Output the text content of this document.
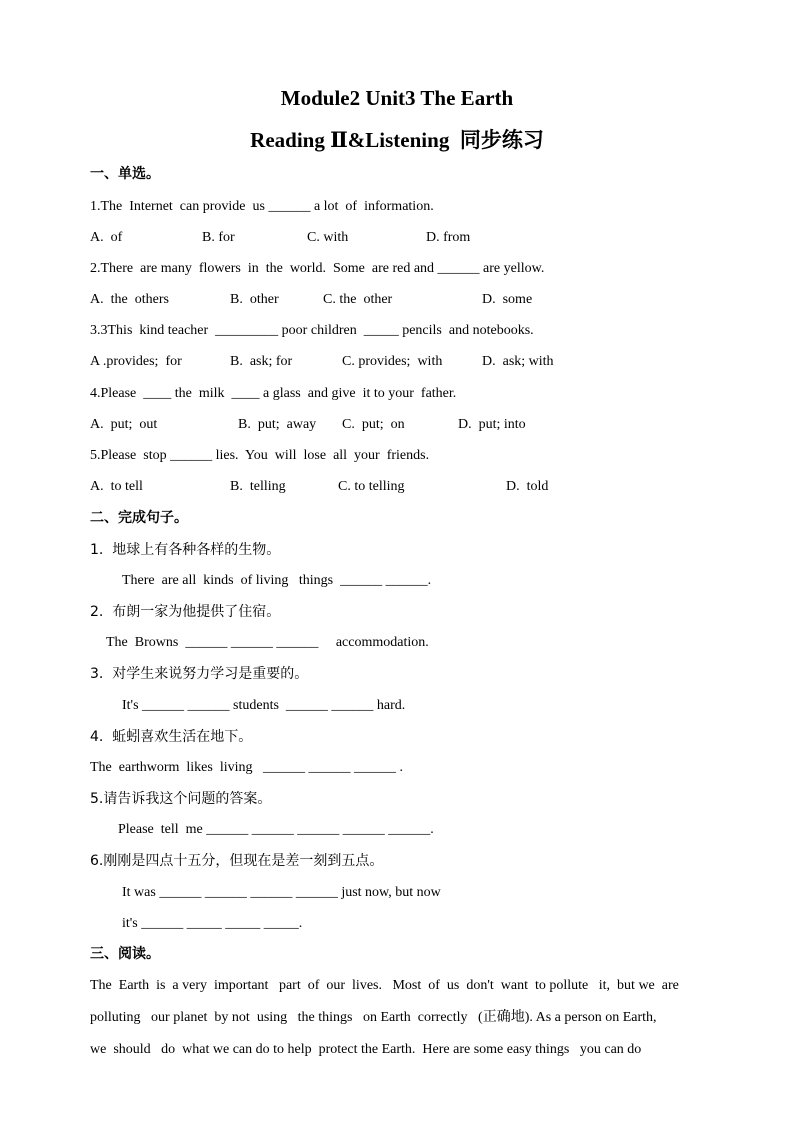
Module2 Unit3 The Earth
Reading Ⅱ&Listening  同步练习
一、单选。
1.The  Internet  can provide  us ______ a lot  of  information.
A.  of	B. for	C. with	D. from
2.There  are many  flowers  in  the  world.  Some  are red and ______ are yellow.
A.  the  others	B.  other	C. the  other	D.  some
3.3This  kind teacher  _________ poor children  _____ pencils  and notebooks.
A .provides;  for	B.  ask; for	C. provides;  with	D.  ask; with
4.Please  ____ the  milk  ____ a glass  and give  it to your  father.
A.  put;  out	B.  put;  away C.  put;  on	D.  put; into
5.Please  stop ______ lies.  You  will  lose  all  your  friends.
A.  to tell	B.  telling	C. to telling	D.  told
二、完成句子。
1.  地球上有各种各样的生物。
There  are all  kinds  of living   things  ______ ______.
2.  布朗一家为他提供了住宿。
The  Browns  ______ ______ ______     accommodation.
3.  对学生来说努力学习是重要的。
It's ______ ______ students  ______ ______ hard.
4.  蚯蚓喜欢生活在地下。
The  earthworm  likes  living   ______ ______ ______ .
5.请告诉我这个问题的答案。
Please  tell  me ______ ______ ______ ______ ______.
6.刚刚是四点十五分，但现在是差一刻到五点。
It was ______ ______ ______ ______ just now, but now
it's ______ _____ _____ _____.
三、阅读。
The  Earth  is  a very  important   part  of  our  lives.   Most  of  us  don't  want  to pollute   it,  but we  are
polluting   our planet  by not  using   the things   on Earth  correctly   (正确地). As a person on Earth,
we  should   do  what we can do to help  protect the Earth.  Here are some easy things   you can do
